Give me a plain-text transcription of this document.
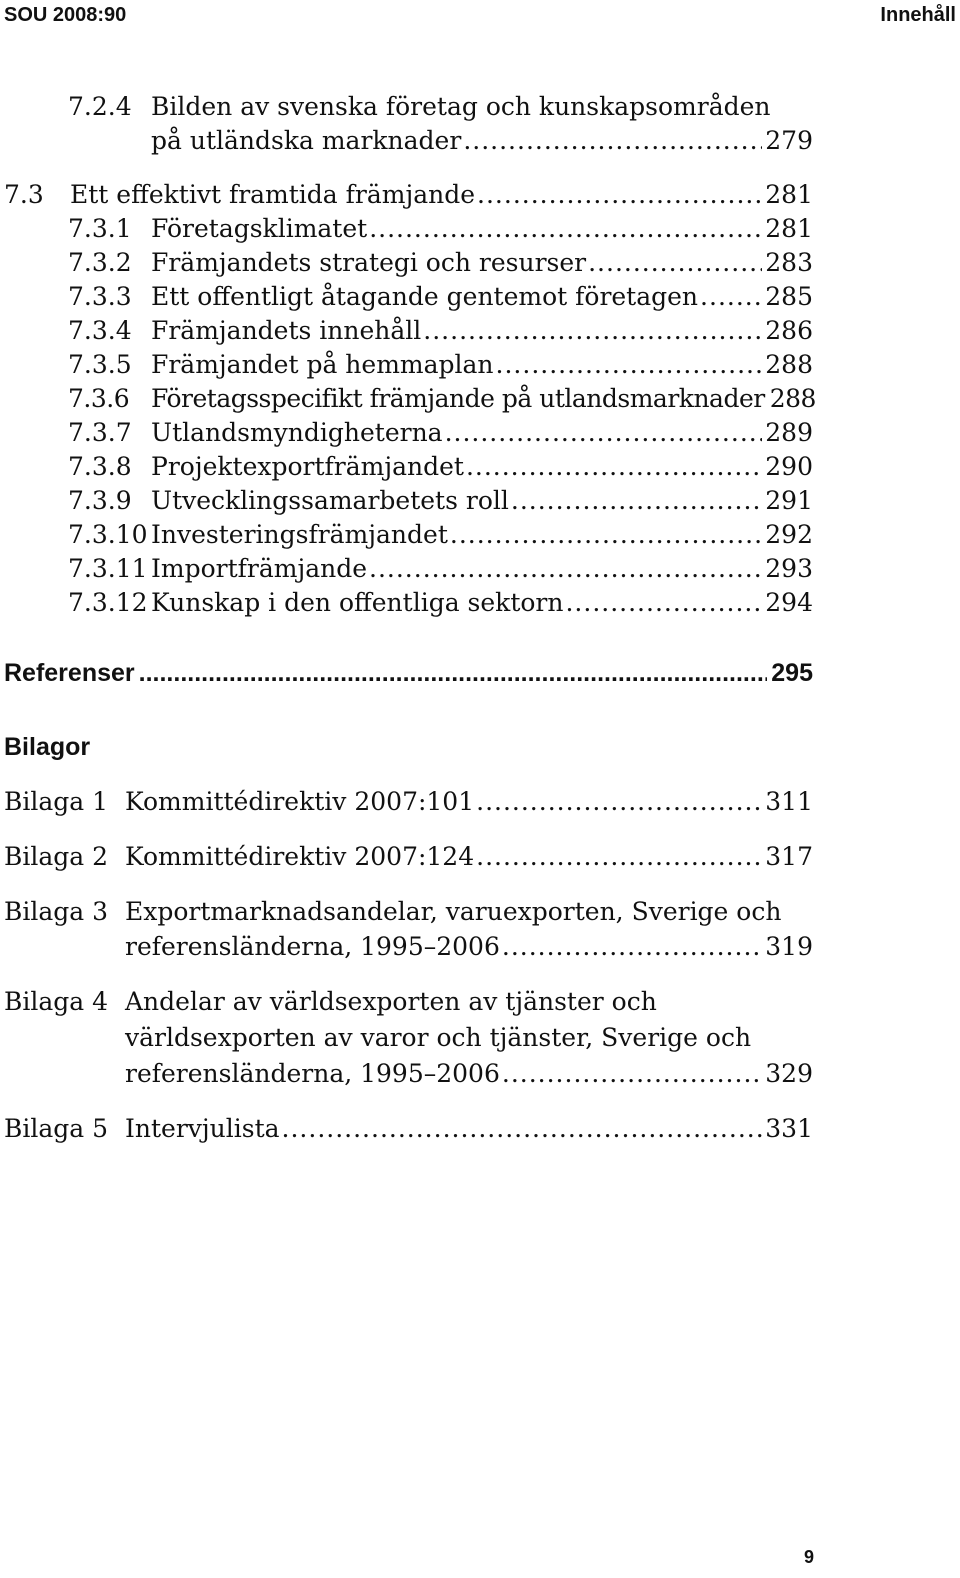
SOU 2008:90	Innehåll
7.2.4 Bilden av svenska företag och kunskapsområden
på utländska marknader .....	279
7.3	Ett effektivt framtida främjande .....	281
7.3.1 Företagsklimatet .....	281
7.3.2 Främjandets strategi och resurser .....	283
7.3.3 Ett offentligt åtagande gentemot företagen .....	285
7.3.4 Främjandets innehåll .....	286
7.3.5 Främjandet på hemmaplan .....	288
7.3.6 Företagsspecifikt främjande på utlandsmarknader 288
7.3.7 Utlandsmyndigheterna .....	289
7.3.8 Projektexportfrämjandet .....	290
7.3.9 Utvecklingssamarbetets roll .....	291
7.3.10 Investeringsfrämjandet .....	292
7.3.11 Importfrämjande .....	293
7.3.12 Kunskap i den offentliga sektorn .....	294
Referenser .....	295
Bilagor
Bilaga 1 Kommittédirektiv 2007:101 .....	311
Bilaga 2 Kommittédirektiv 2007:124 .....	317
Bilaga 3 Exportmarknadsandelar, varuexporten, Sverige och
referensländerna, 1995–2006 .....	319
Bilaga 4 Andelar av världsexporten av tjänster och
världsexporten av varor och tjänster, Sverige och
referensländerna, 1995–2006 .....	329
Bilaga 5 Intervjulista .....	331
9
